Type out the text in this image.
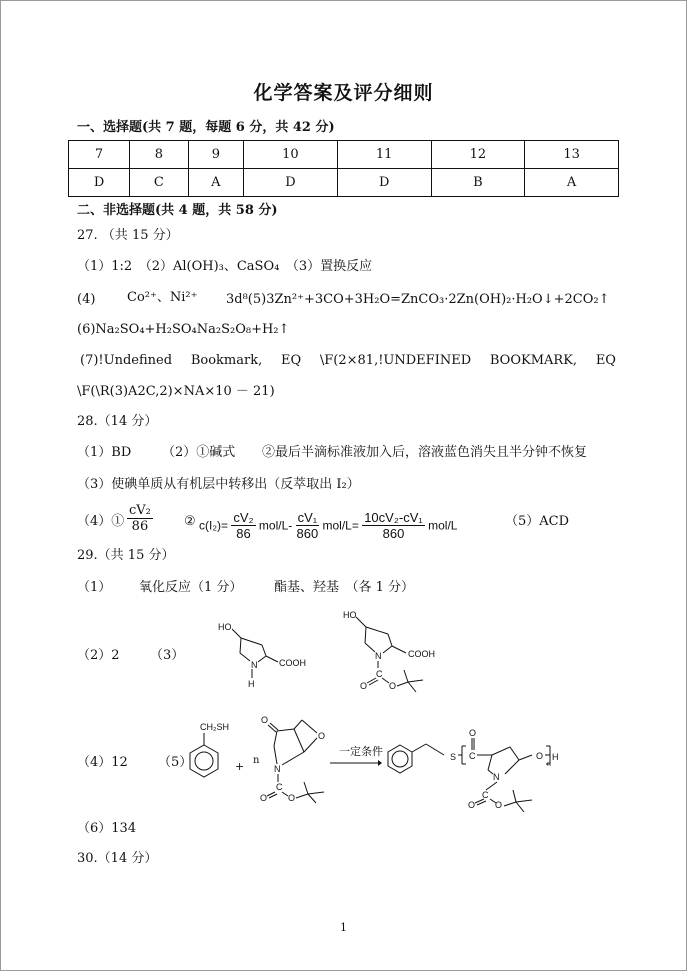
化学答案及评分细则
一、选择题(共 7 题，每题 6 分，共 42 分)
7	8	9	10	11	12	13
D	C	A	D	D	B	A
二、非选择题(共 4 题，共 58 分)
27. （共 15 分）
（1）1:2　（2）Al(OH)₃、CaSO₄　（3）置换反应
(4) Co²⁺、Ni²⁺ 3d⁸(5)3Zn²⁺+3CO+3H₂O=ZnCO₃·2Zn(OH)₂·H₂O↓+2CO₂↑
(6)Na₂SO₄+H₂SO₄Na₂S₂O₈+H₂↑
(7)!Undefined Bookmark, EQ \F(2×81,!UNDEFINED BOOKMARK, EQ
\F(\R(3)A2C,2)×NA×10 － 21)
28.（14 分）
（1）BD （2）①碱式 ②最后半滴标准液加入后，溶液蓝色消失且半分钟不恢复
（3）使碘单质从有机层中转移出（反萃取出 I₂）
（4）① $\frac{\text{cV₂}}{86}$ ② $c(I_2)= \frac{\text{cV₂}}{86} mol/L- \frac{\text{cV₁}}{860} mol/L= \frac{\text{10cV₂-cV₁}}{860} mol/L$	（5）ACD
29.（共 15 分）
（1） 氧化反应（1 分） 酯基、羟基　（各 1 分）
（2）2 （3）
HO
N
H
COOH
HO
N	COOH
C
O O
（4）12 （5）
CH₂SH
+ n
O
O
N
C
O O
一定条件	S C
O
N
O H
n
C
O O
（6）134
30.（14 分）
1
